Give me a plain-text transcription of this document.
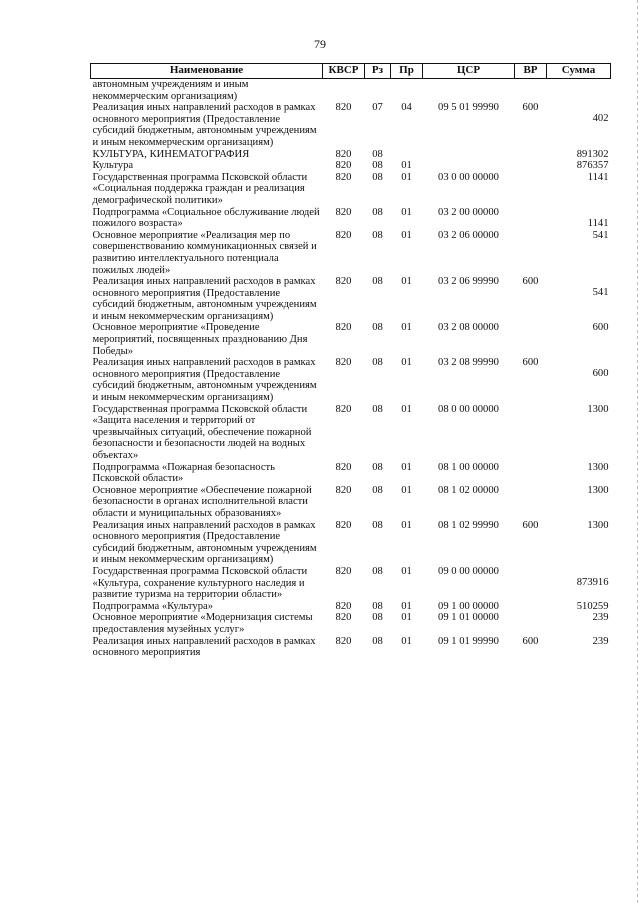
79
Наименование	КВСР	Рз	Пр	ЦСР	ВР	Сумма
автономным учреждениям и иным некоммерческим организациям)						
Реализация иных направлений расходов в рамках основного мероприятия (Предоставление субсидий бюджетным, автономным учреждениям и иным некоммерческим организациям)	820	07	04	09 5 01 99990	600	402
КУЛЬТУРА, КИНЕМАТОГРАФИЯ	820	08				891302
Культура	820	08	01			876357
Государственная программа Псковской области «Социальная поддержка граждан и реализация демографической политики»	820	08	01	03 0 00 00000		1141
Подпрограмма «Социальное обслуживание людей пожилого возраста»	820	08	01	03 2 00 00000		1141
Основное мероприятие «Реализация мер по совершенствованию коммуникационных связей и развитию интеллектуального потенциала пожилых людей»	820	08	01	03 2 06 00000		541
Реализация иных направлений расходов в рамках основного мероприятия (Предоставление субсидий бюджетным, автономным учреждениям и иным некоммерческим организациям)	820	08	01	03 2 06 99990	600	541
Основное мероприятие «Проведение мероприятий, посвященных празднованию Дня Победы»	820	08	01	03 2 08 00000		600
Реализация иных направлений расходов в рамках основного мероприятия (Предоставление субсидий бюджетным, автономным учреждениям и иным некоммерческим организациям)	820	08	01	03 2 08 99990	600	600
Государственная программа Псковской области «Защита населения и территорий от чрезвычайных ситуаций, обеспечение пожарной безопасности и безопасности людей на водных объектах»	820	08	01	08 0 00 00000		1300
Подпрограмма «Пожарная безопасность Псковской области»	820	08	01	08 1 00 00000		1300
Основное мероприятие «Обеспечение пожарной безопасности в органах исполнительной власти области и муниципальных образованиях»	820	08	01	08 1 02 00000		1300
Реализация иных направлений расходов в рамках основного мероприятия (Предоставление субсидий бюджетным, автономным учреждениям и иным некоммерческим организациям)	820	08	01	08 1 02 99990	600	1300
Государственная программа Псковской области «Культура, сохранение культурного наследия и развитие туризма на территории области»	820	08	01	09 0 00 00000		873916
Подпрограмма «Культура»	820	08	01	09 1 00 00000		510259
Основное мероприятие «Модернизация системы предоставления музейных услуг»	820	08	01	09 1 01 00000		239
Реализация иных направлений расходов в рамках основного мероприятия	820	08	01	09 1 01 99990	600	239
